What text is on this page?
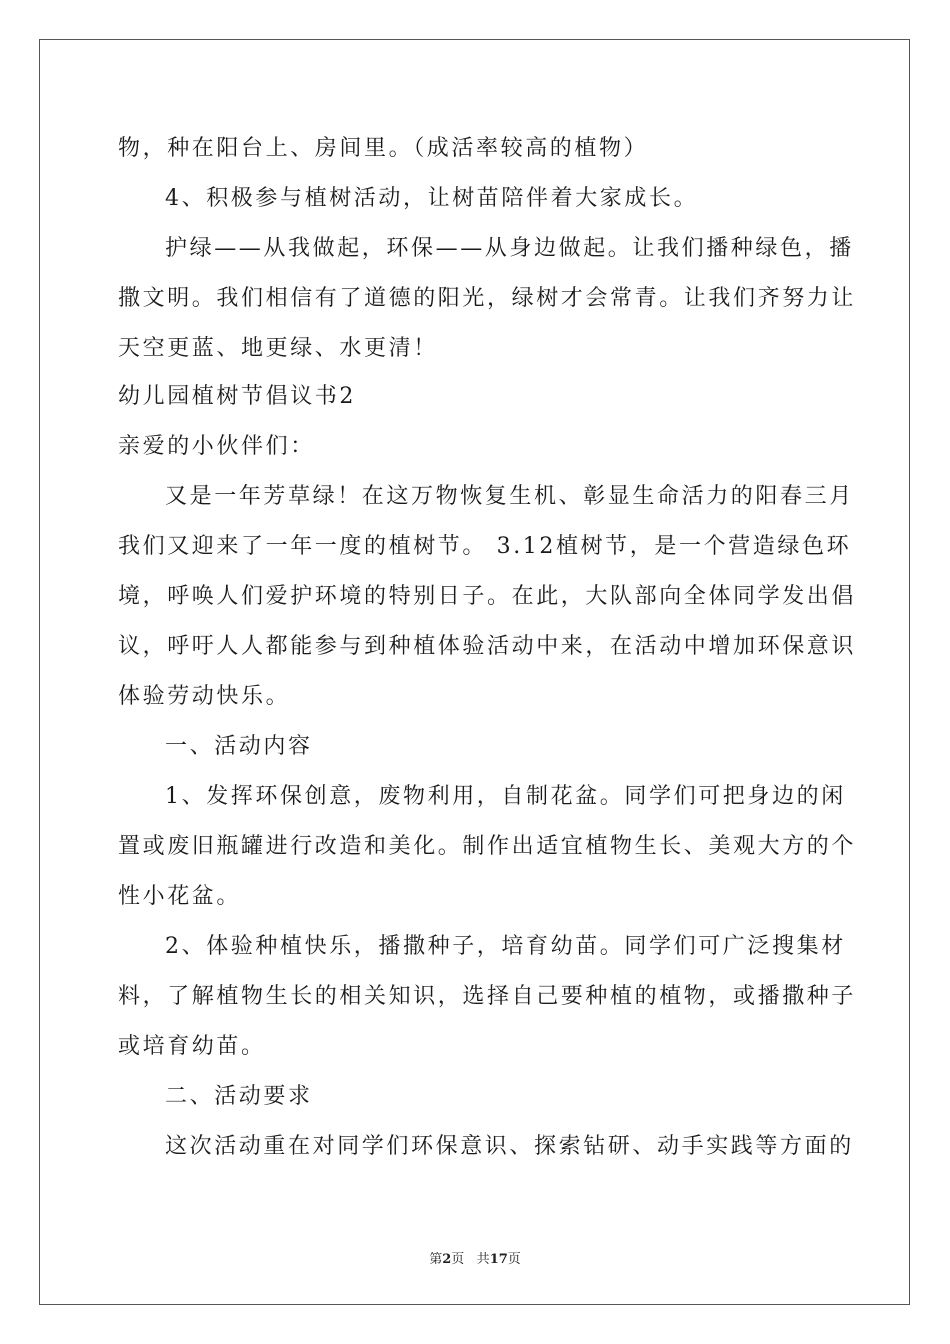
物，种在阳台上、房间里。（成活率较高的植物）

4、积极参与植树活动，让树苗陪伴着大家成长。

护绿——从我做起，环保——从身边做起。让我们播种绿色，播

撒文明。我们相信有了道德的阳光，绿树才会常青。让我们齐努力让

天空更蓝、地更绿、水更清！

幼儿园植树节倡议书2

亲爱的小伙伴们：

又是一年芳草绿！在这万物恢复生机、彰显生命活力的阳春三月

我们又迎来了一年一度的植树节。 3.12植树节，是一个营造绿色环

境，呼唤人们爱护环境的特别日子。在此，大队部向全体同学发出倡

议，呼吁人人都能参与到种植体验活动中来，在活动中增加环保意识

体验劳动快乐。

一、活动内容

1、发挥环保创意，废物利用，自制花盆。同学们可把身边的闲

置或废旧瓶罐进行改造和美化。制作出适宜植物生长、美观大方的个

性小花盆。

2、体验种植快乐，播撒种子，培育幼苗。同学们可广泛搜集材

料，了解植物生长的相关知识，选择自己要种植的植物，或播撒种子

或培育幼苗。

二、活动要求

这次活动重在对同学们环保意识、探索钻研、动手实践等方面的

第2页 共17页
